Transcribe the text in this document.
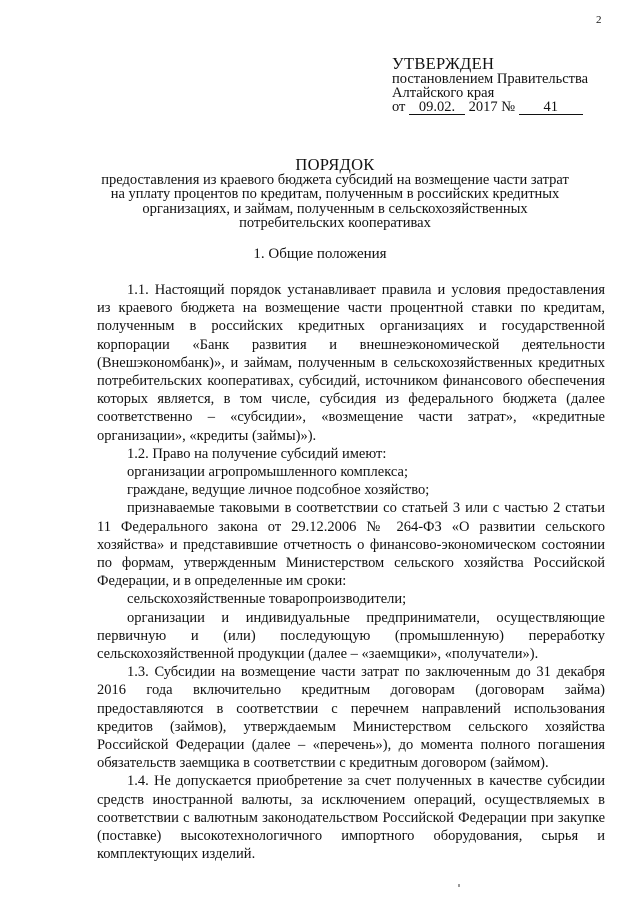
2
УТВЕРЖДЕН
постановлением Правительства
Алтайского края
от 09.02. 2017 № 41
ПОРЯДОК
предоставления из краевого бюджета субсидий на возмещение части затрат
на уплату процентов по кредитам, полученным в российских кредитных
организациях, и займам, полученным в сельскохозяйственных
потребительских кооперативах
1. Общие положения

1.1. Настоящий порядок устанавливает правила и условия предоставления из краевого бюджета на возмещение части процентной ставки по кредитам, полученным в российских кредитных организациях и государственной корпорации «Банк развития и внешнеэкономической деятельности (Внешэкономбанк)», и займам, полученным в сельскохозяйственных кредитных потребительских кооперативах, субсидий, источником финансового обеспечения которых является, в том числе, субсидия из федерального бюджета (далее соответственно – «субсидии», «возмещение части затрат», «кредитные организации», «кредиты (займы)»).

1.2. Право на получение субсидий имеют:

организации агропромышленного комплекса;

граждане, ведущие личное подсобное хозяйство;

признаваемые таковыми в соответствии со статьей 3 или с частью 2 статьи 11 Федерального закона от 29.12.2006 № 264-ФЗ «О развитии сельского хозяйства» и представившие отчетность о финансово-экономическом состоянии по формам, утвержденным Министерством сельского хозяйства Российской Федерации, и в определенные им сроки:

сельскохозяйственные товаропроизводители;

организации и индивидуальные предприниматели, осуществляющие первичную и (или) последующую (промышленную) переработку сельскохозяйственной продукции (далее – «заемщики», «получатели»).

1.3. Субсидии на возмещение части затрат по заключенным до 31 декабря 2016 года включительно кредитным договорам (договорам займа) предоставляются в соответствии с перечнем направлений использования кредитов (займов), утверждаемым Министерством сельского хозяйства Российской Федерации (далее – «перечень»), до момента полного погашения обязательств заемщика в соответствии с кредитным договором (займом).

1.4. Не допускается приобретение за счет полученных в качестве субсидии средств иностранной валюты, за исключением операций, осуществляемых в соответствии с валютным законодательством Российской Федерации при закупке (поставке) высокотехнологичного импортного оборудования, сырья и комплектующих изделий.
